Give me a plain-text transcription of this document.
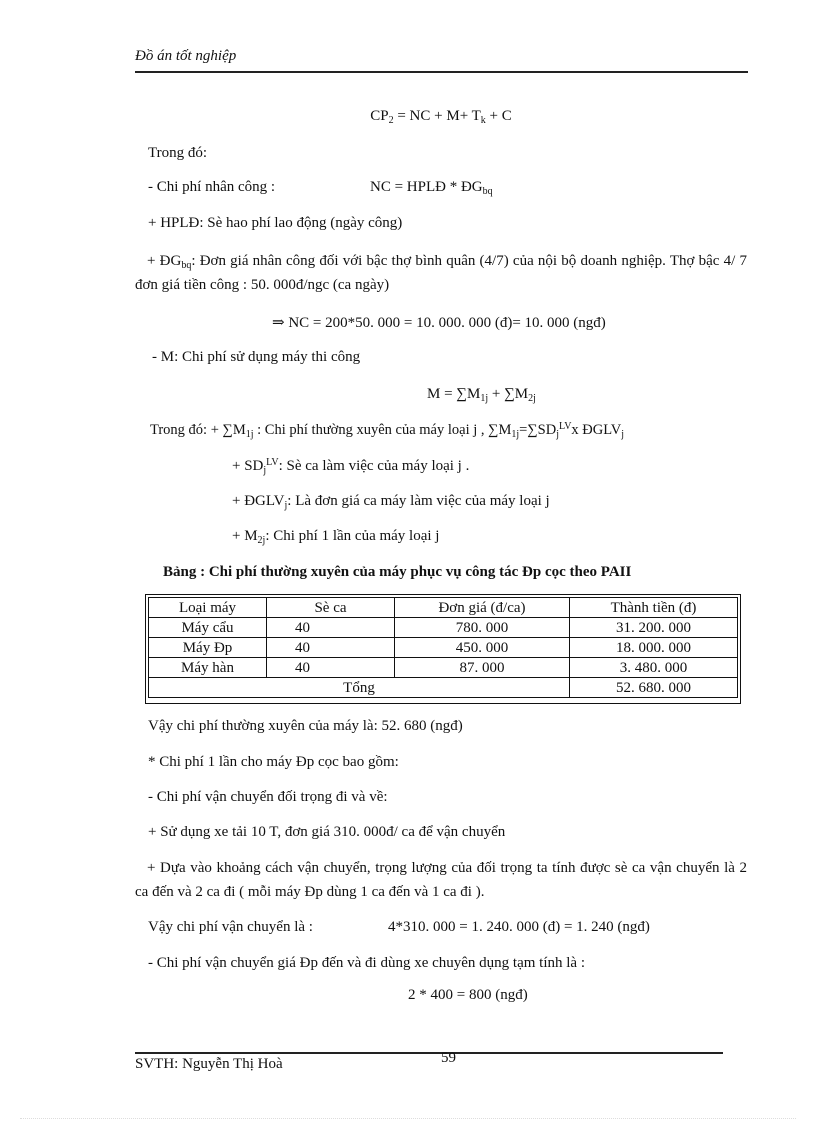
Đồ án tốt nghiệp
$CP_2$ = NC + $M+ T_k + C$
Trong đó:
- Chi phí nhân công :	NC = HPLĐ * $ĐG_{bq}$
+ HPLĐ: Sè hao phí lao động (ngày công)
+ $ĐG_{bq}$: Đơn giá nhân công đối với bậc thợ bình quân (4/7) của nội bộ doanh nghiệp. Thợ bậc 4/ 7 đơn giá tiền công : 50. 000đ/ngc (ca ngày)
⇒ NC = 200*50. 000 = 10. 000. 000 (đ)= 10. 000 (ngđ)
- M: Chi phí sử dụng máy thi công
$M = \sum M_{1j} + \sum M_{2j}$
Trong đó: + $\sum M_{1j}$ : Chi phí thường xuyên của máy loại j , $\sum M_{1j}=\sum SD_j^{LV}x$ $ĐGLV_j$
+ $SD_j^{LV}$: Sè ca làm việc của máy loại j .
+ $ĐGLV_j$: Là đơn giá ca máy làm việc của máy loại j
+ $M_{2j}$: Chi phí 1 lần của máy loại j
Bảng : Chi phí thường xuyên của máy phục vụ công tác Ðp cọc theo PAII
Loại máy	Sè ca	Đơn giá (đ/ca)	Thành tiền (đ)
Máy cẩu	40	780. 000	31. 200. 000
Máy Ðp	40	450. 000	18. 000. 000
Máy hàn	40	87. 000	3. 480. 000
Tổng			52. 680. 000
Vậy chi phí thường xuyên của máy là: 52. 680 (ngđ)
* Chi phí 1 lần cho máy Ðp cọc bao gồm:
- Chi phí vận chuyển đối trọng đi và về:
+ Sử dụng xe tải 10 T, đơn giá 310. 000đ/ ca để vận chuyển
+ Dựa vào khoảng cách vận chuyển, trọng lượng của đối trọng ta tính được sè ca vận chuyển là 2 ca đến và 2 ca đi ( mỗi máy Ðp dùng 1 ca đến và 1 ca đi ).
Vậy chi phí vận chuyển là :	4*310. 000 = 1. 240. 000 (đ) = 1. 240 (ngđ)
- Chi phí vận chuyển giá Ðp đến và đi dùng xe chuyên dụng tạm tính là :
2 * 400 = 800 (ngđ)
59
SVTH: Nguyễn Thị Hoà
